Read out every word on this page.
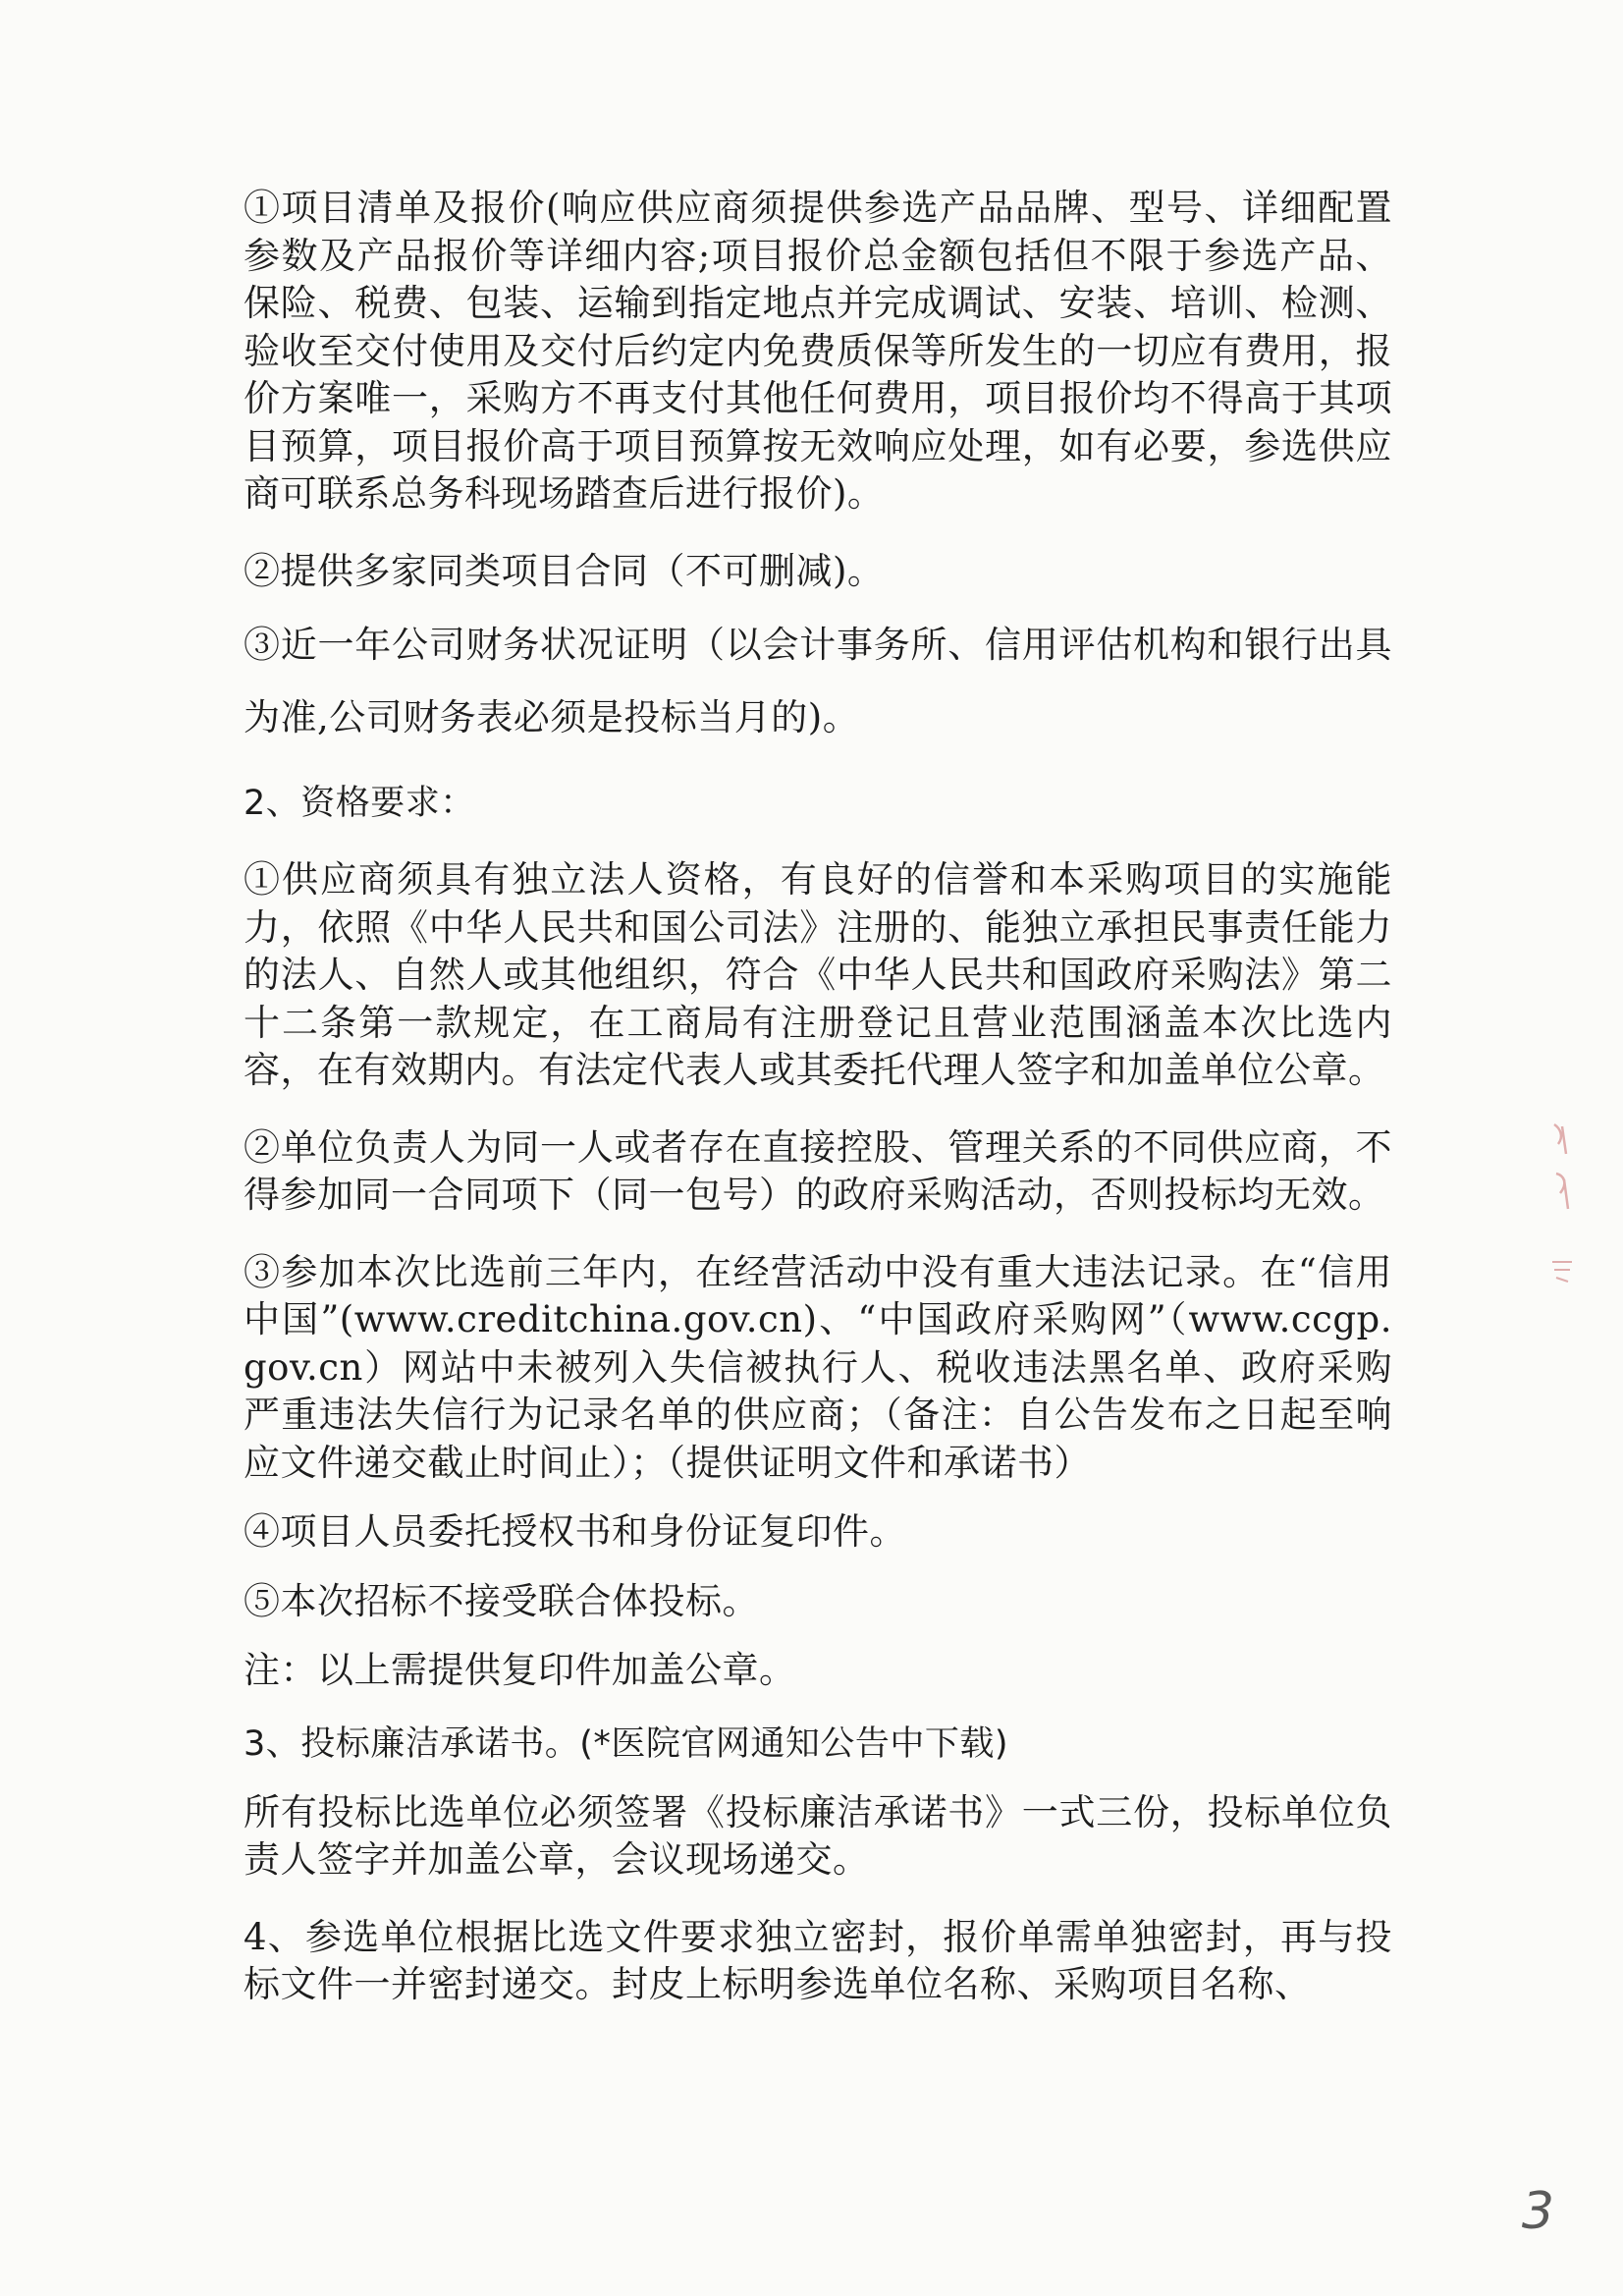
①项目清单及报价(响应供应商须提供参选产品品牌、型号、详细配置参数及产品报价等详细内容;项目报价总金额包括但不限于参选产品、保险、税费、包装、运输到指定地点并完成调试、安装、培训、检测、验收至交付使用及交付后约定内免费质保等所发生的一切应有费用，报价方案唯一，采购方不再支付其他任何费用，项目报价均不得高于其项目预算，项目报价高于项目预算按无效响应处理，如有必要，参选供应商可联系总务科现场踏查后进行报价)。

②提供多家同类项目合同（不可删减)。

③近一年公司财务状况证明（以会计事务所、信用评估机构和银行出具为准,公司财务表必须是投标当月的)。

2、资格要求：

①供应商须具有独立法人资格，有良好的信誉和本采购项目的实施能力，依照《中华人民共和国公司法》注册的、能独立承担民事责任能力的法人、自然人或其他组织，符合《中华人民共和国政府采购法》第二十二条第一款规定，在工商局有注册登记且营业范围涵盖本次比选内容，在有效期内。有法定代表人或其委托代理人签字和加盖单位公章。

②单位负责人为同一人或者存在直接控股、管理关系的不同供应商，不得参加同一合同项下（同一包号）的政府采购活动，否则投标均无效。

③参加本次比选前三年内，在经营活动中没有重大违法记录。在“信用中国”(www.creditchina.gov.cn)、“中国政府采购网”（www.ccgp.gov.cn）网站中未被列入失信被执行人、税收违法黑名单、政府采购严重违法失信行为记录名单的供应商；（备注：自公告发布之日起至响应文件递交截止时间止）；（提供证明文件和承诺书）

④项目人员委托授权书和身份证复印件。

⑤本次招标不接受联合体投标。

注：以上需提供复印件加盖公章。

3、投标廉洁承诺书。(*医院官网通知公告中下载)

所有投标比选单位必须签署《投标廉洁承诺书》一式三份，投标单位负责人签字并加盖公章，会议现场递交。

4、参选单位根据比选文件要求独立密封，报价单需单独密封，再与投标文件一并密封递交。封皮上标明参选单位名称、采购项目名称、

3
